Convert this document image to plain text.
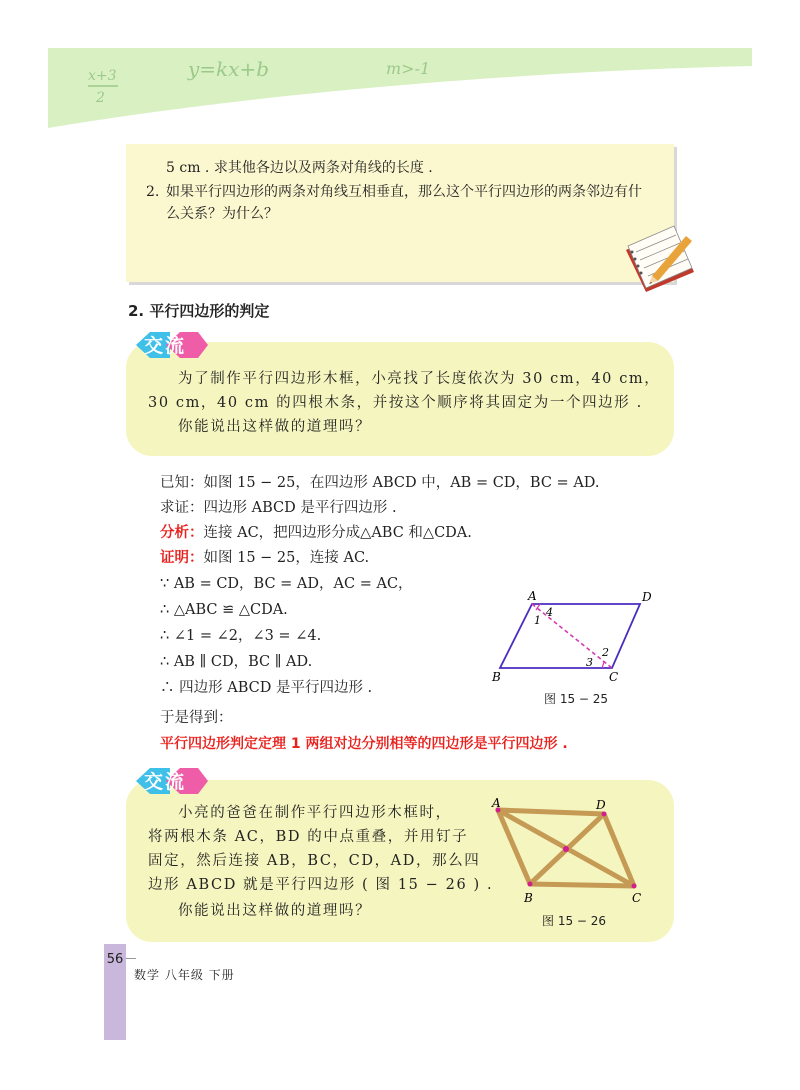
x+3
2
y=kx+b	m>-1
5 cm . 求其他各边以及两条对角线的长度 .
2. 如果平行四边形的两条对角线互相垂直，那么这个平行四边形的两条邻边有什
么关系？为什么？
2. 平行四边形的判定
交流
为了制作平行四边形木框，小亮找了长度依次为 30 cm，40 cm，
30 cm，40 cm 的四根木条，并按这个顺序将其固定为一个四边形 .
你能说出这样做的道理吗？
已知：如图 15 − 25，在四边形 ABCD 中，AB = CD，BC = AD.
求证：四边形 ABCD 是平行四边形 .
分析：连接 AC，把四边形分成△ABC 和△CDA.
证明：如图 15 − 25，连接 AC.
∵ AB = CD，BC = AD，AC = AC，
∴ △ABC ≌ △CDA.
∴ ∠1 = ∠2，∠3 = ∠4.
∴ AB ∥ CD，BC ∥ AD.
∴ 四边形 ABCD 是平行四边形 .
于是得到：
平行四边形判定定理 1 两组对边分别相等的四边形是平行四边形 .
A	D
B	C
1
4
2
3
图 15 − 25
交流
小亮的爸爸在制作平行四边形木框时，
将两根木条 AC，BD 的中点重叠，并用钉子
固定，然后连接 AB，BC，CD，AD，那么四
边形 ABCD 就是平行四边形 ( 图 15 − 26 ) .
你能说出这样做的道理吗？
A	D
B	C
图 15 − 26
56
数学 八年级 下册
